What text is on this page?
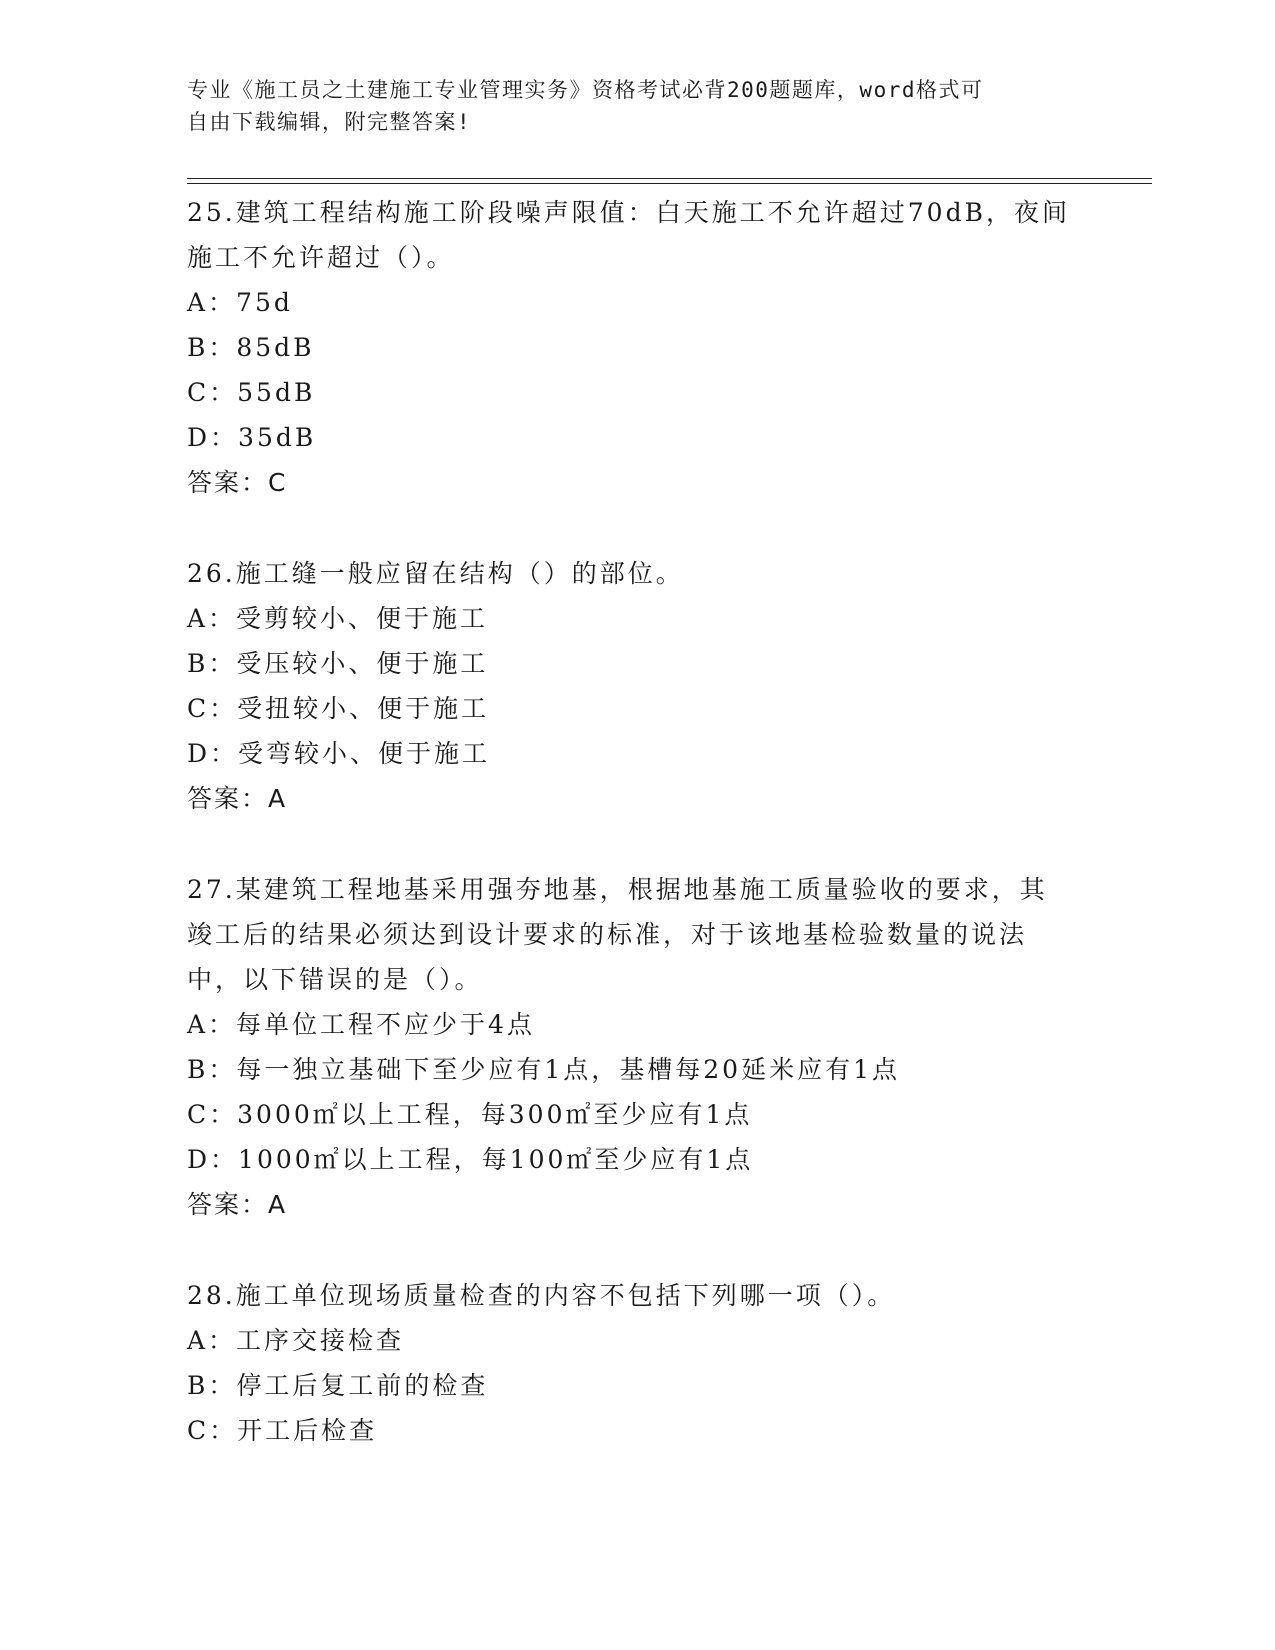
专业《施工员之土建施工专业管理实务》资格考试必背200题题库，word格式可
自由下载编辑，附完整答案!
25.建筑工程结构施工阶段噪声限值：白天施工不允许超过70dB，夜间
施工不允许超过（）。
A：75d
B：85dB
C：55dB
D：35dB
答案：C
26.施工缝一般应留在结构（）的部位。
A：受剪较小、便于施工
B：受压较小、便于施工
C：受扭较小、便于施工
D：受弯较小、便于施工
答案：A
27.某建筑工程地基采用强夯地基，根据地基施工质量验收的要求，其
竣工后的结果必须达到设计要求的标准，对于该地基检验数量的说法
中，以下错误的是（）。
A：每单位工程不应少于4点
B：每一独立基础下至少应有1点，基槽每20延米应有1点
C：3000㎡以上工程，每300㎡至少应有1点
D：1000㎡以上工程，每100㎡至少应有1点
答案：A
28.施工单位现场质量检查的内容不包括下列哪一项（）。
A：工序交接检查
B：停工后复工前的检查
C：开工后检查
